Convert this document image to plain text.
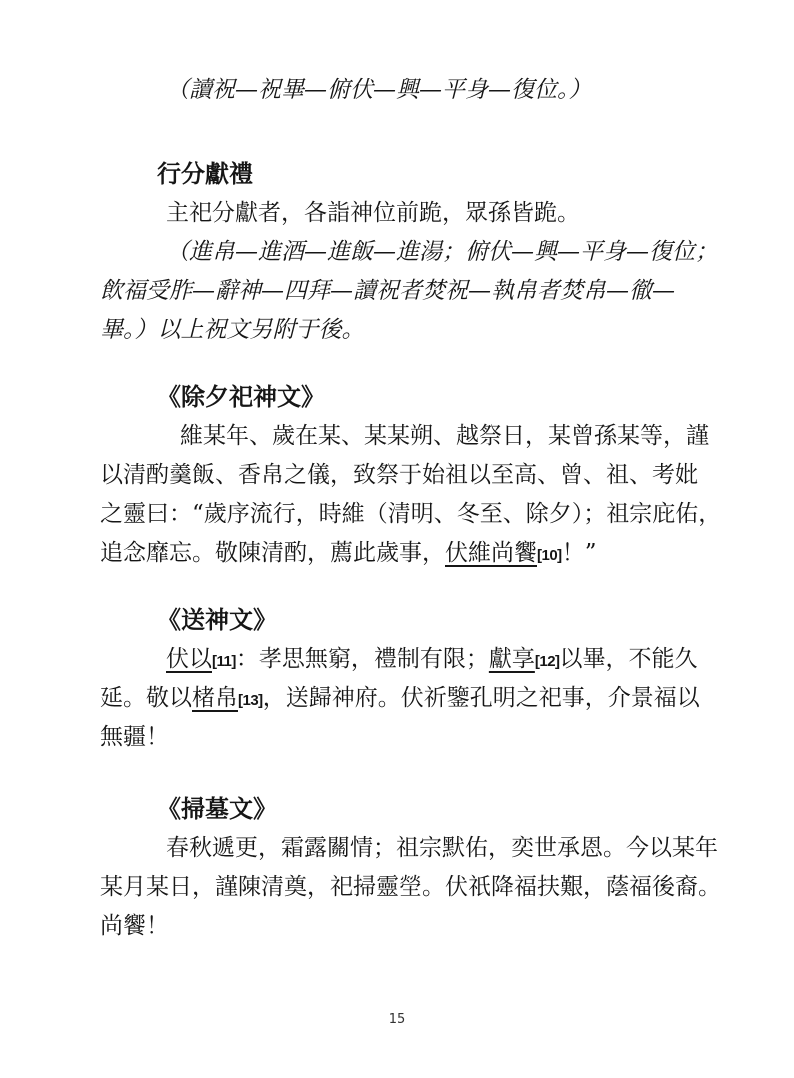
（讀祝—祝畢—俯伏—興—平身—復位。）
行分獻禮
主祀分獻者，各詣神位前跪，眾孫皆跪。
（進帛—進酒—進飯—進湯；俯伏—興—平身—復位；
飲福受胙—辭神—四拜—讀祝者焚祝—執帛者焚帛—徹—
畢。）以上祝文另附于後。
《除夕祀神文》
維某年、歲在某、某某朔、越祭日，某曾孫某等，謹
以清酌羹飯、香帛之儀，致祭于始祖以至高、曾、祖、考妣
之靈曰：“歲序流行，時維（清明、冬至、除夕）；祖宗庇佑，
追念靡忘。敬陳清酌，薦此歲事，伏維尚饗[10]！”
《送神文》
伏以[11]：孝思無窮，禮制有限；獻享[12]以畢，不能久
延。敬以楮帛[13]，送歸神府。伏祈鑒孔明之祀事，介景福以
無疆！
《掃墓文》
春秋遞更，霜露關情；祖宗默佑，奕世承恩。今以某年
某月某日，謹陳清奠，祀掃靈塋。伏祇降福扶艱，蔭福後裔。
尚饗！
15
